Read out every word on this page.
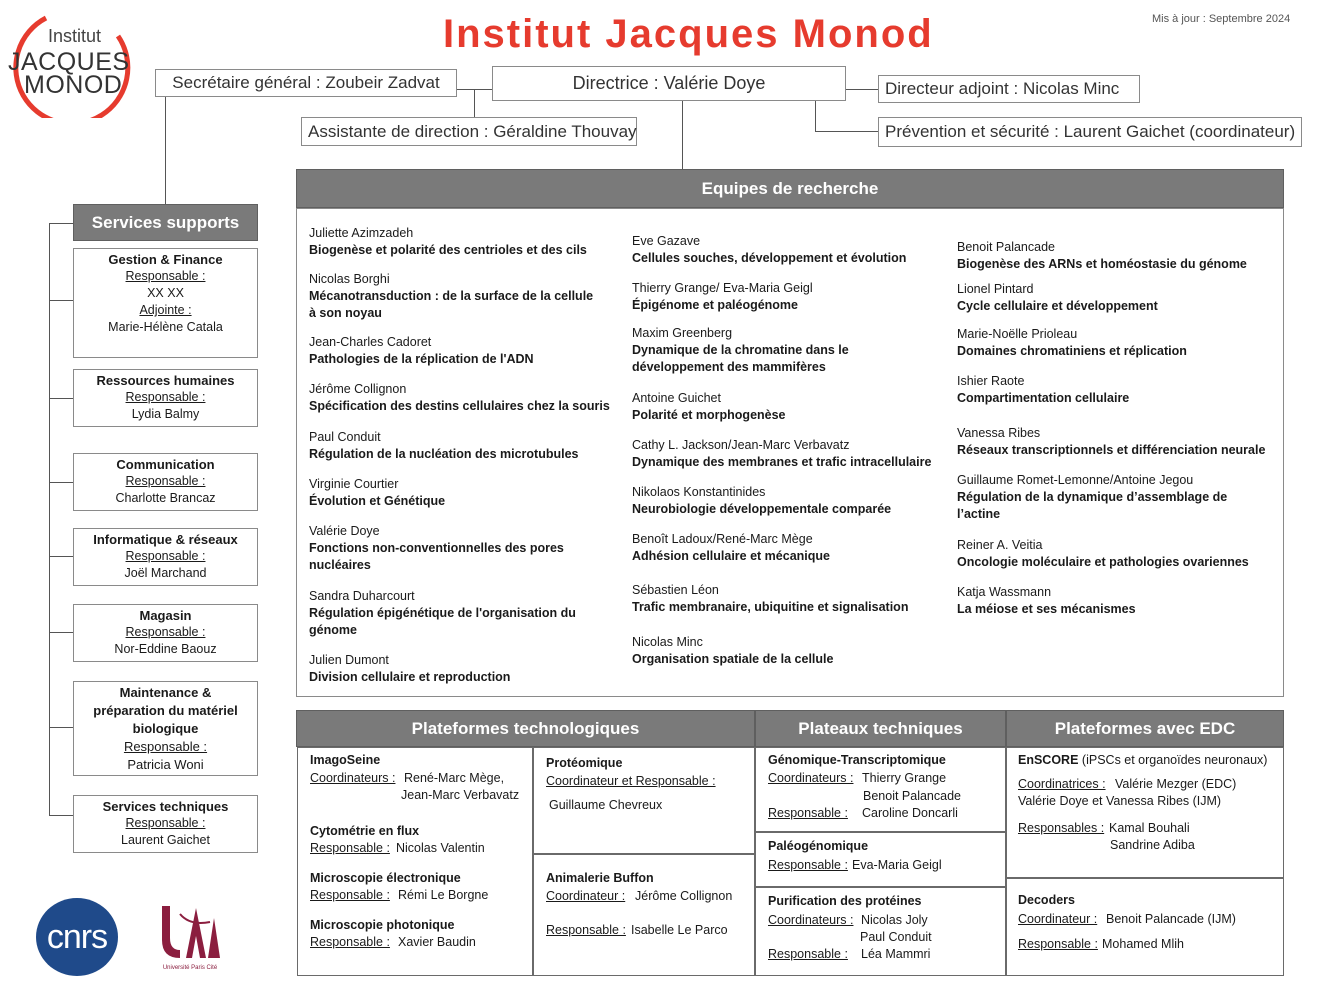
Institut
JACQUES
MONOD
Institut Jacques Monod	Mis à jour : Septembre 2024
Secrétaire général : Zoubeir Zadvat	Directrice : Valérie Doye	Directeur adjoint : Nicolas Minc
Assistante de direction : Géraldine Thouvay	Prévention et sécurité : Laurent Gaichet (coordinateur)
Services supports
Gestion & Finance
Responsable :
XX XX
Adjointe :
Marie-Hélène Catala
Ressources humaines
Responsable :
Lydia Balmy
Communication
Responsable :
Charlotte Brancaz
Informatique & réseaux
Responsable :
Joël Marchand
Magasin
Responsable :
Nor-Eddine Baouz
Maintenance &
préparation du matériel
biologique
Responsable :
Patricia Woni
Services techniques
Responsable :
Laurent Gaichet
Equipes de recherche
Juliette Azimzadeh
Biogenèse et polarité des centrioles et des cils
Nicolas Borghi
Mécanotransduction : de la surface de la cellule
à son noyau
Jean-Charles Cadoret
Pathologies de la réplication de l'ADN
Jérôme Collignon
Spécification des destins cellulaires chez la souris
Paul Conduit
Régulation de la nucléation des microtubules
Virginie Courtier
Évolution et Génétique
Valérie Doye
Fonctions non-conventionnelles des pores
nucléaires
Sandra Duharcourt
Régulation épigénétique de l'organisation du
génome
Julien Dumont
Division cellulaire et reproduction
Eve Gazave
Cellules souches, développement et évolution
Thierry Grange/ Eva-Maria Geigl
Épigénome et paléogénome
Maxim Greenberg
Dynamique de la chromatine dans le
développement des mammifères
Antoine Guichet
Polarité et morphogenèse
Cathy L. Jackson/Jean-Marc Verbavatz
Dynamique des membranes et trafic intracellulaire
Nikolaos Konstantinides
Neurobiologie développementale comparée
Benoît Ladoux/René-Marc Mège
Adhésion cellulaire et mécanique
Sébastien Léon
Trafic membranaire, ubiquitine et signalisation
Nicolas Minc
Organisation spatiale de la cellule
Benoit Palancade
Biogenèse des ARNs et homéostasie du génome
Lionel Pintard
Cycle cellulaire et développement
Marie-Noëlle Prioleau
Domaines chromatiniens et réplication
Ishier Raote
Compartimentation cellulaire
Vanessa Ribes
Réseaux transcriptionnels et différenciation neurale
Guillaume Romet-Lemonne/Antoine Jegou
Régulation de la dynamique d’assemblage de
l’actine
Reiner A. Veitia
Oncologie moléculaire et pathologies ovariennes
Katja Wassmann
La méiose et ses mécanismes
Plateformes technologiques	Plateaux techniques	Plateformes avec EDC
ImagoSeine
Coordinateurs : René-Marc Mège,
Jean-Marc Verbavatz
Cytométrie en flux
Responsable : Nicolas Valentin
Microscopie électronique
Responsable : Rémi Le Borgne
Microscopie photonique
Responsable : Xavier Baudin
Protéomique
Coordinateur et Responsable :
Guillaume Chevreux
Animalerie Buffon
Coordinateur : Jérôme Collignon
Responsable : Isabelle Le Parco
Génomique-Transcriptomique
Coordinateurs : Thierry Grange
Benoit Palancade
Responsable : Caroline Doncarli
Paléogénomique
Responsable : Eva-Maria Geigl
Purification des protéines
Coordinateurs : Nicolas Joly
Paul Conduit
Responsable : Léa Mammri
EnSCORE (iPSCs et organoïdes neuronaux)
Coordinatrices : Valérie Mezger (EDC)
Valérie Doye et Vanessa Ribes (IJM)
Responsables : Kamal Bouhali
Sandrine Adiba
Decoders
Coordinateur : Benoit Palancade (IJM)
Responsable : Mohamed Mlih
cnrs
Université Paris Cité
